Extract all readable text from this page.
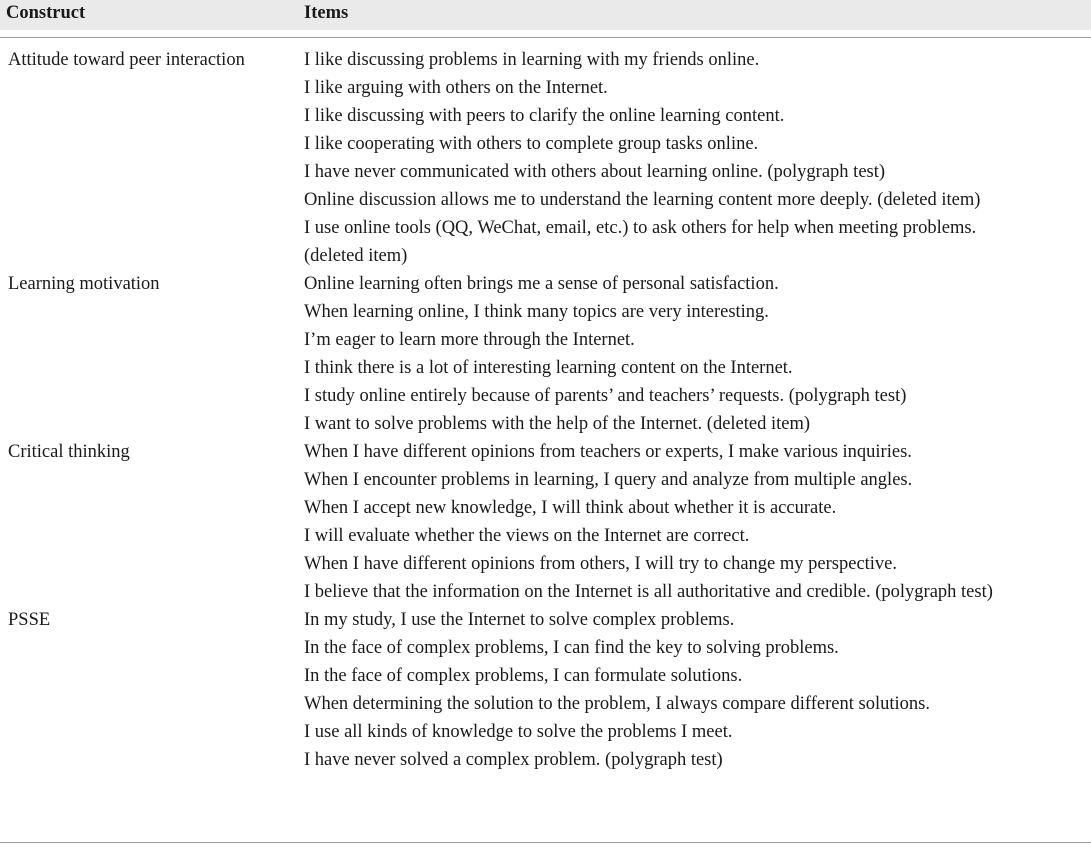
Construct	Items
Attitude toward peer interaction	I like discussing problems in learning with my friends online.
I like arguing with others on the Internet.
I like discussing with peers to clarify the online learning content.
I like cooperating with others to complete group tasks online.
I have never communicated with others about learning online. (polygraph test)
Online discussion allows me to understand the learning content more deeply. (deleted item)
I use online tools (QQ, WeChat, email, etc.) to ask others for help when meeting problems. (deleted item)
Learning motivation	Online learning often brings me a sense of personal satisfaction.
When learning online, I think many topics are very interesting.
I’m eager to learn more through the Internet.
I think there is a lot of interesting learning content on the Internet.
I study online entirely because of parents’ and teachers’ requests. (polygraph test)
I want to solve problems with the help of the Internet. (deleted item)
Critical thinking	When I have different opinions from teachers or experts, I make various inquiries.
When I encounter problems in learning, I query and analyze from multiple angles.
When I accept new knowledge, I will think about whether it is accurate.
I will evaluate whether the views on the Internet are correct.
When I have different opinions from others, I will try to change my perspective.
I believe that the information on the Internet is all authoritative and credible. (polygraph test)
PSSE	In my study, I use the Internet to solve complex problems.
In the face of complex problems, I can find the key to solving problems.
In the face of complex problems, I can formulate solutions.
When determining the solution to the problem, I always compare different solutions.
I use all kinds of knowledge to solve the problems I meet.
I have never solved a complex problem. (polygraph test)
